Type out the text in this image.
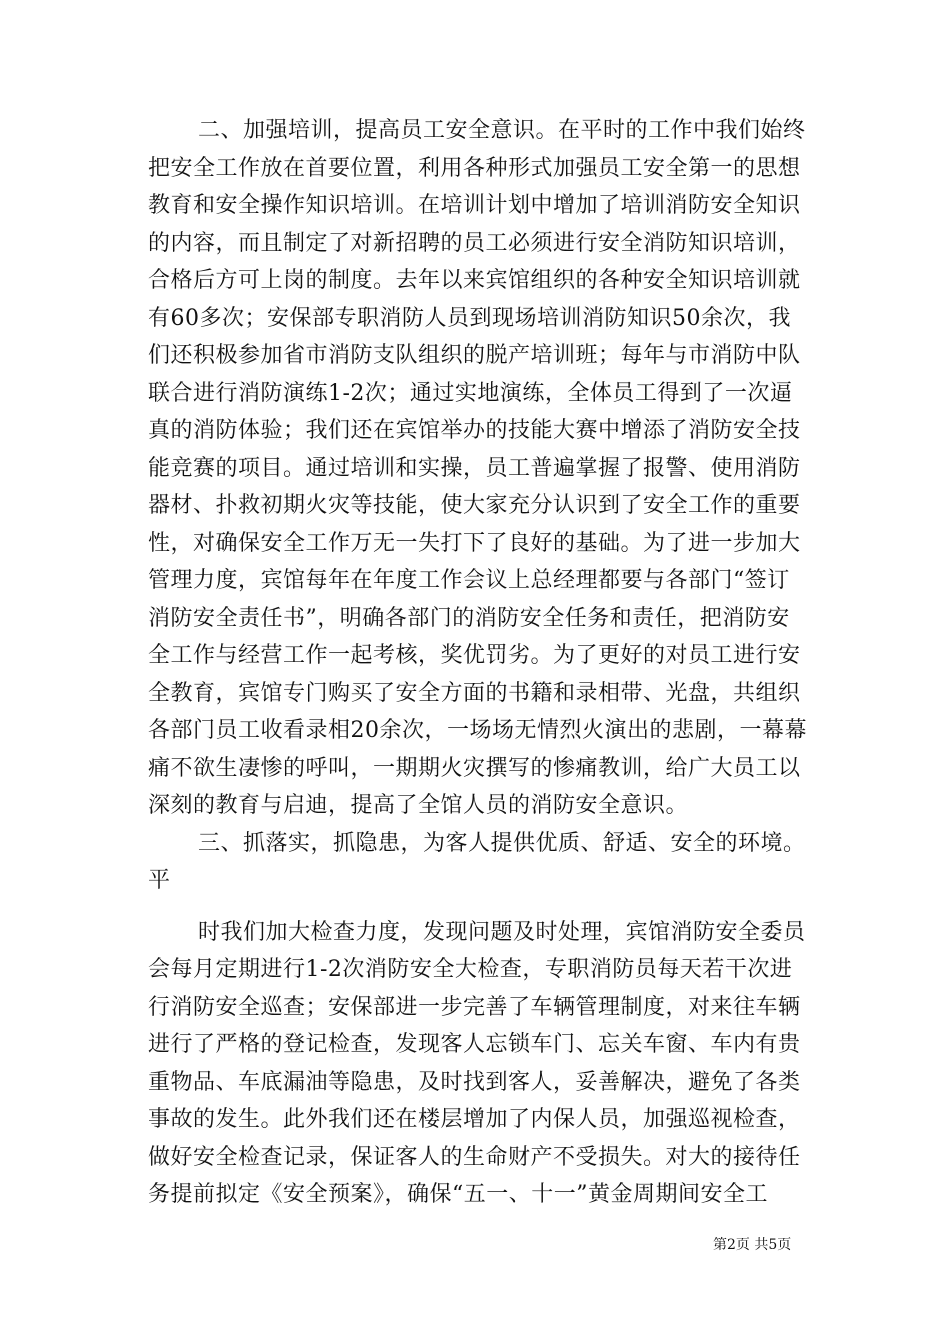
二、加强培训，提高员工安全意识。在平时的工作中我们始终
把安全工作放在首要位置，利用各种形式加强员工安全第一的思想
教育和安全操作知识培训。在培训计划中增加了培训消防安全知识
的内容，而且制定了对新招聘的员工必须进行安全消防知识培训，
合格后方可上岗的制度。去年以来宾馆组织的各种安全知识培训就
有60多次；安保部专职消防人员到现场培训消防知识50余次，我
们还积极参加省市消防支队组织的脱产培训班；每年与市消防中队
联合进行消防演练1-2次；通过实地演练，全体员工得到了一次逼
真的消防体验；我们还在宾馆举办的技能大赛中增添了消防安全技
能竞赛的项目。通过培训和实操，员工普遍掌握了报警、使用消防
器材、扑救初期火灾等技能，使大家充分认识到了安全工作的重要
性，对确保安全工作万无一失打下了良好的基础。为了进一步加大
管理力度，宾馆每年在年度工作会议上总经理都要与各部门“签订
消防安全责任书”，明确各部门的消防安全任务和责任，把消防安
全工作与经营工作一起考核，奖优罚劣。为了更好的对员工进行安
全教育，宾馆专门购买了安全方面的书籍和录相带、光盘，共组织
各部门员工收看录相20余次，一场场无情烈火演出的悲剧，一幕幕
痛不欲生凄惨的呼叫，一期期火灾撰写的惨痛教训，给广大员工以
深刻的教育与启迪，提高了全馆人员的消防安全意识。
三、抓落实，抓隐患，为客人提供优质、舒适、安全的环境。
平
时我们加大检查力度，发现问题及时处理，宾馆消防安全委员
会每月定期进行1-2次消防安全大检查，专职消防员每天若干次进
行消防安全巡查；安保部进一步完善了车辆管理制度，对来往车辆
进行了严格的登记检查，发现客人忘锁车门、忘关车窗、车内有贵
重物品、车底漏油等隐患，及时找到客人，妥善解决，避免了各类
事故的发生。此外我们还在楼层增加了内保人员，加强巡视检查，
做好安全检查记录，保证客人的生命财产不受损失。对大的接待任
务提前拟定《安全预案》，确保“五一、十一”黄金周期间安全工
第2页 共5页
